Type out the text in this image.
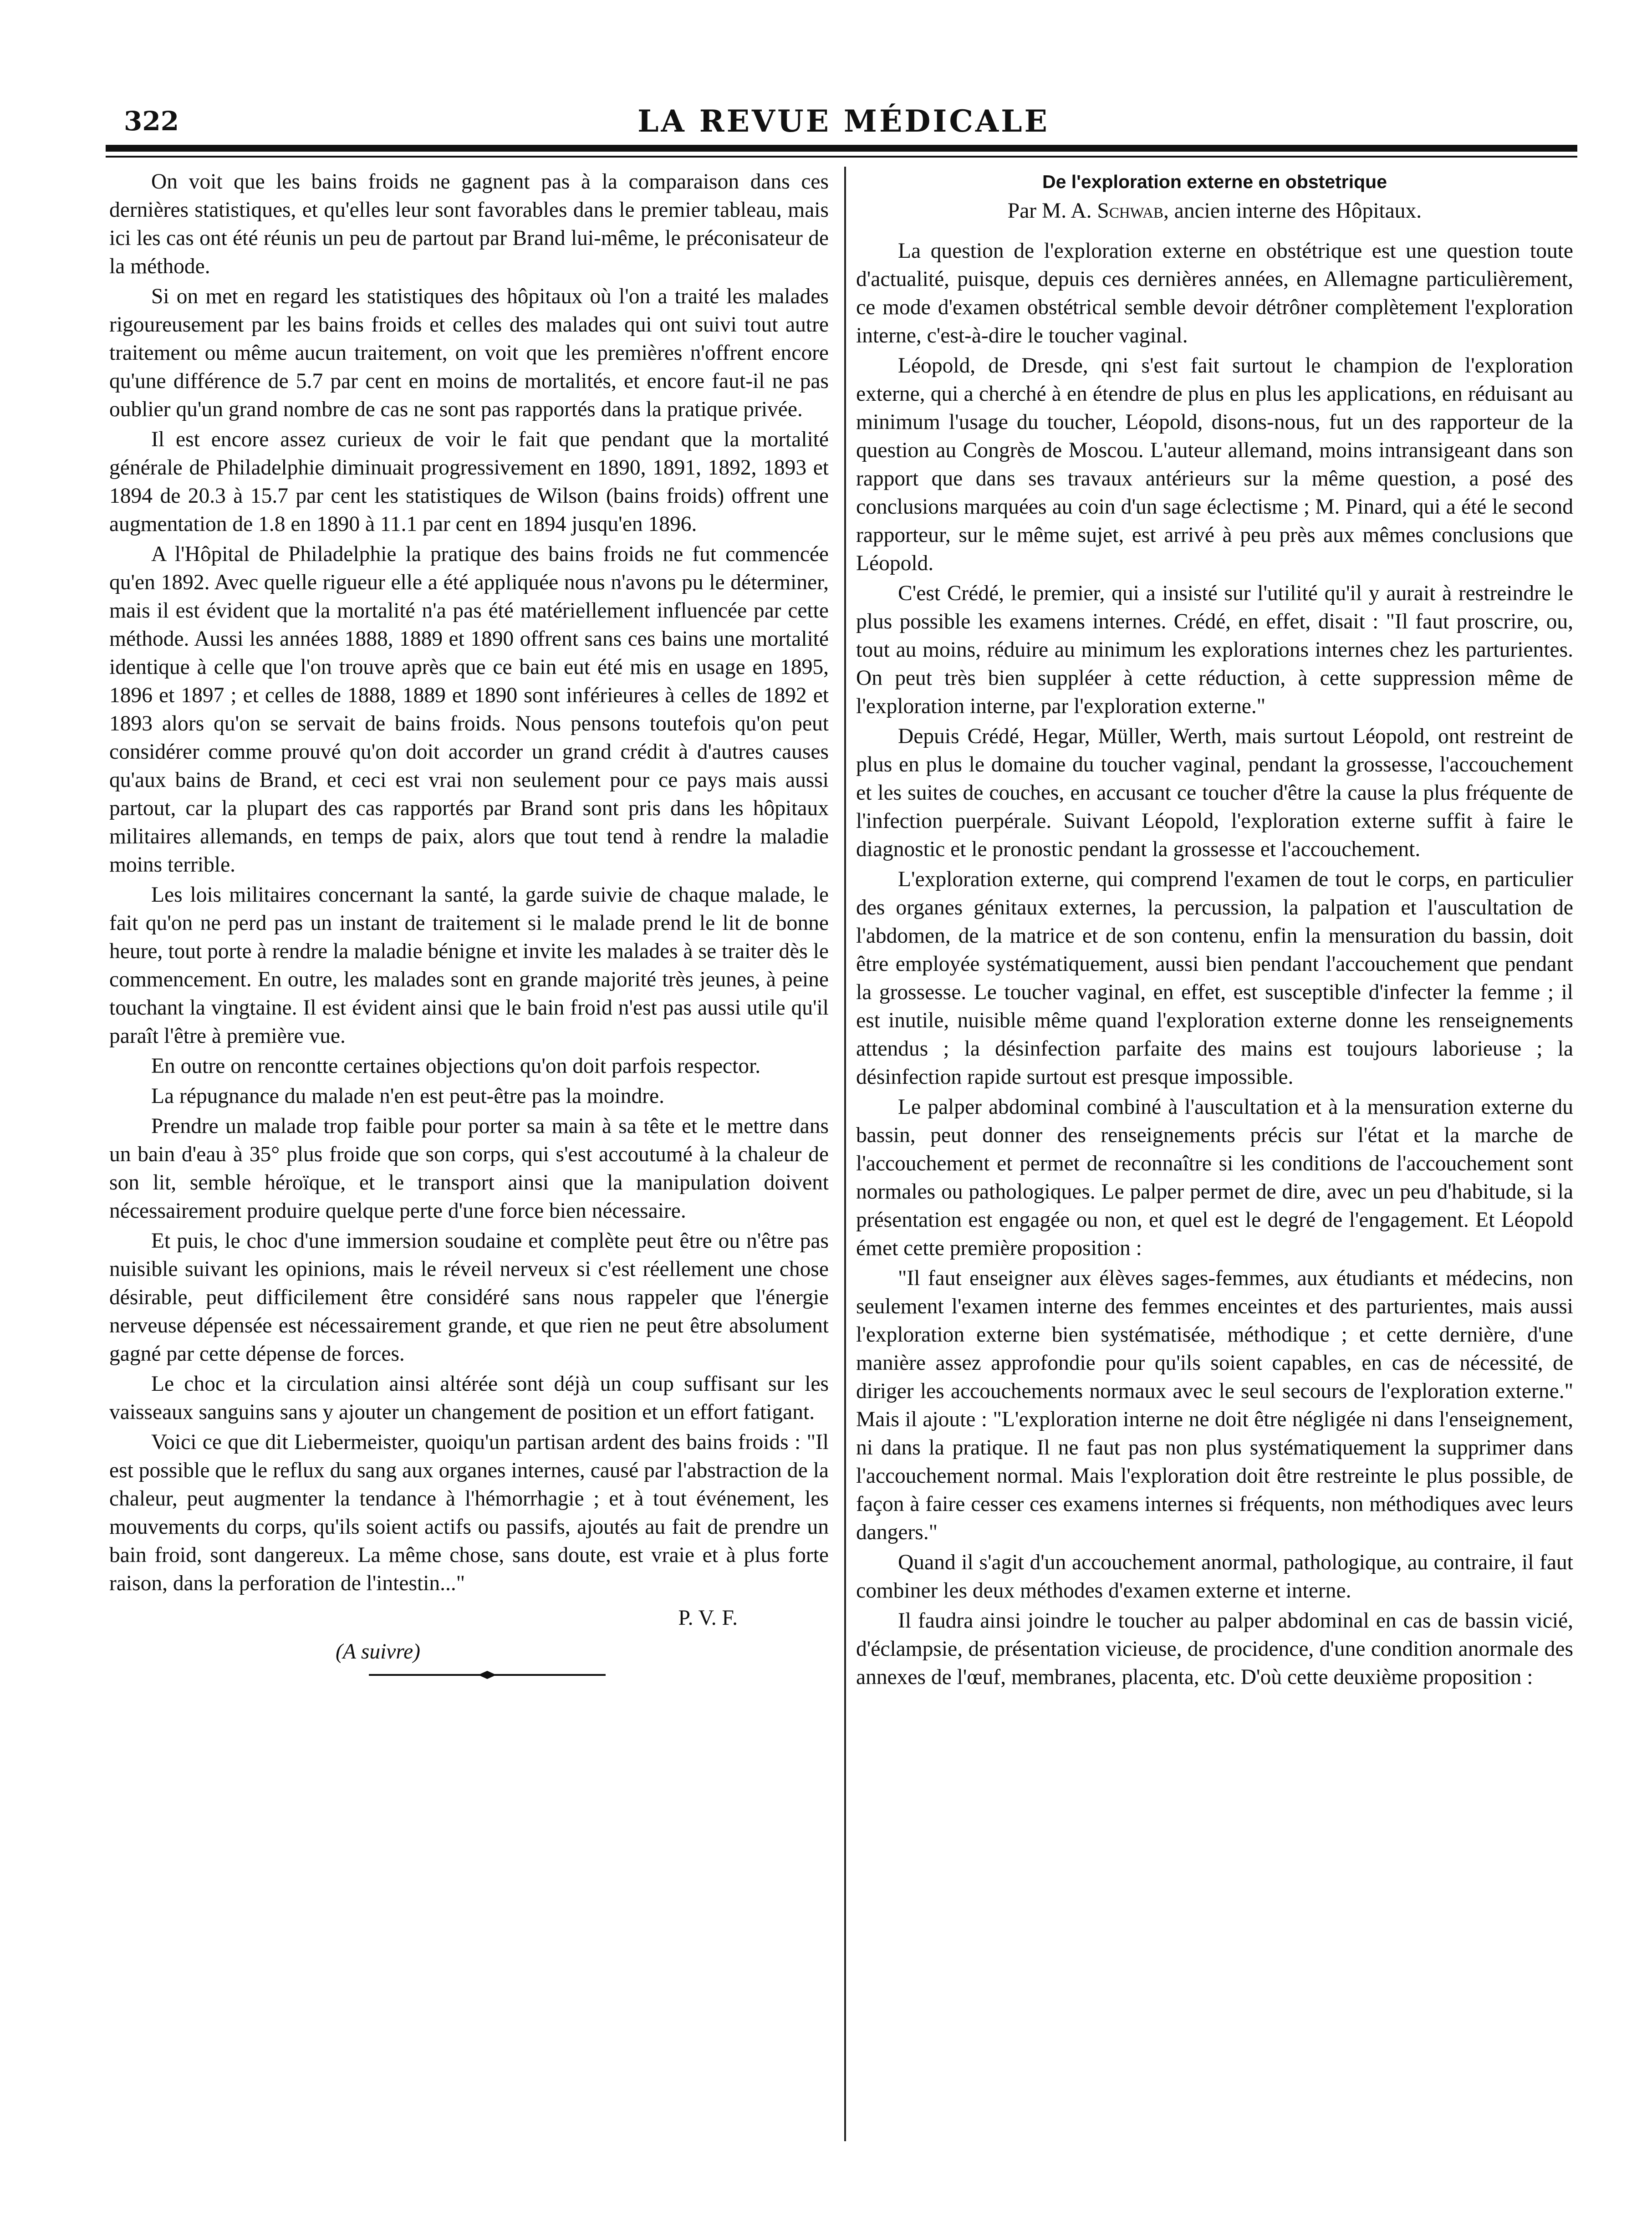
322	LA REVUE MÉDICALE

On voit que les bains froids ne gagnent pas à la comparaison dans ces dernières statistiques, et qu'elles leur sont favorables dans le premier tableau, mais ici les cas ont été réunis un peu de partout par Brand lui-même, le préconisateur de la méthode.

Si on met en regard les statistiques des hôpitaux où l'on a traité les malades rigoureusement par les bains froids et celles des malades qui ont suivi tout autre traitement ou même aucun traitement, on voit que les premières n'offrent encore qu'une différence de 5.7 par cent en moins de mortalités, et encore faut-il ne pas oublier qu'un grand nombre de cas ne sont pas rapportés dans la pratique privée.

Il est encore assez curieux de voir le fait que pendant que la mortalité générale de Philadelphie diminuait progressivement en 1890, 1891, 1892, 1893 et 1894 de 20.3 à 15.7 par cent les statistiques de Wilson (bains froids) offrent une augmentation de 1.8 en 1890 à 11.1 par cent en 1894 jusqu'en 1896.

A l'Hôpital de Philadelphie la pratique des bains froids ne fut commencée qu'en 1892. Avec quelle rigueur elle a été appliquée nous n'avons pu le déterminer, mais il est évident que la mortalité n'a pas été matériellement influencée par cette méthode. Aussi les années 1888, 1889 et 1890 offrent sans ces bains une mortalité identique à celle que l'on trouve après que ce bain eut été mis en usage en 1895, 1896 et 1897 ; et celles de 1888, 1889 et 1890 sont inférieures à celles de 1892 et 1893 alors qu'on se servait de bains froids. Nous pensons toutefois qu'on peut considérer comme prouvé qu'on doit accorder un grand crédit à d'autres causes qu'aux bains de Brand, et ceci est vrai non seulement pour ce pays mais aussi partout, car la plupart des cas rapportés par Brand sont pris dans les hôpitaux militaires allemands, en temps de paix, alors que tout tend à rendre la maladie moins terrible.

Les lois militaires concernant la santé, la garde suivie de chaque malade, le fait qu'on ne perd pas un instant de traitement si le malade prend le lit de bonne heure, tout porte à rendre la maladie bénigne et invite les malades à se traiter dès le commencement. En outre, les malades sont en grande majorité très jeunes, à peine touchant la vingtaine. Il est évident ainsi que le bain froid n'est pas aussi utile qu'il paraît l'être à première vue.

En outre on rencontte certaines objections qu'on doit parfois respector.

La répugnance du malade n'en est peut-être pas la moindre.

Prendre un malade trop faible pour porter sa main à sa tête et le mettre dans un bain d'eau à 35° plus froide que son corps, qui s'est accoutumé à la chaleur de son lit, semble héroïque, et le transport ainsi que la manipulation doivent nécessairement produire quelque perte d'une force bien nécessaire.

Et puis, le choc d'une immersion soudaine et complète peut être ou n'être pas nuisible suivant les opinions, mais le réveil nerveux si c'est réellement une chose désirable, peut difficilement être considéré sans nous rappeler que l'énergie nerveuse dépensée est nécessairement grande, et que rien ne peut être absolument gagné par cette dépense de forces.

Le choc et la circulation ainsi altérée sont déjà un coup suffisant sur les vaisseaux sanguins sans y ajouter un changement de position et un effort fatigant.

Voici ce que dit Liebermeister, quoiqu'un partisan ardent des bains froids : "Il est possible que le reflux du sang aux organes internes, causé par l'abstraction de la chaleur, peut augmenter la tendance à l'hémorrhagie ; et à tout événement, les mouvements du corps, qu'ils soient actifs ou passifs, ajoutés au fait de prendre un bain froid, sont dangereux. La même chose, sans doute, est vraie et à plus forte raison, dans la perforation de l'intestin..."

P. V. F.
(A suivre)
De l'exploration externe en obstetrique
Par M. A. Schwab, ancien interne des Hôpitaux.

La question de l'exploration externe en obstétrique est une question toute d'actualité, puisque, depuis ces dernières années, en Allemagne particulièrement, ce mode d'examen obstétrical semble devoir détrôner complètement l'exploration interne, c'est-à-dire le toucher vaginal.

Léopold, de Dresde, qni s'est fait surtout le champion de l'exploration externe, qui a cherché à en étendre de plus en plus les applications, en réduisant au minimum l'usage du toucher, Léopold, disons-nous, fut un des rapporteur de la question au Congrès de Moscou. L'auteur allemand, moins intransigeant dans son rapport que dans ses travaux antérieurs sur la même question, a posé des conclusions marquées au coin d'un sage éclectisme ; M. Pinard, qui a été le second rapporteur, sur le même sujet, est arrivé à peu près aux mêmes conclusions que Léopold.

C'est Crédé, le premier, qui a insisté sur l'utilité qu'il y aurait à restreindre le plus possible les examens internes. Crédé, en effet, disait : "Il faut proscrire, ou, tout au moins, réduire au minimum les explorations internes chez les parturientes. On peut très bien suppléer à cette réduction, à cette suppression même de l'exploration interne, par l'exploration externe."

Depuis Crédé, Hegar, Müller, Werth, mais surtout Léopold, ont restreint de plus en plus le domaine du toucher vaginal, pendant la grossesse, l'accouchement et les suites de couches, en accusant ce toucher d'être la cause la plus fréquente de l'infection puerpérale. Suivant Léopold, l'exploration externe suffit à faire le diagnostic et le pronostic pendant la grossesse et l'accouchement.

L'exploration externe, qui comprend l'examen de tout le corps, en particulier des organes génitaux externes, la percussion, la palpation et l'auscultation de l'abdomen, de la matrice et de son contenu, enfin la mensuration du bassin, doit être employée systématiquement, aussi bien pendant l'accouchement que pendant la grossesse. Le toucher vaginal, en effet, est susceptible d'infecter la femme ; il est inutile, nuisible même quand l'exploration externe donne les renseignements attendus ; la désinfection parfaite des mains est toujours laborieuse ; la désinfection rapide surtout est presque impossible.

Le palper abdominal combiné à l'auscultation et à la mensuration externe du bassin, peut donner des renseignements précis sur l'état et la marche de l'accouchement et permet de reconnaître si les conditions de l'accouchement sont normales ou pathologiques. Le palper permet de dire, avec un peu d'habitude, si la présentation est engagée ou non, et quel est le degré de l'engagement. Et Léopold émet cette première proposition :

"Il faut enseigner aux élèves sages-femmes, aux étudiants et médecins, non seulement l'examen interne des femmes enceintes et des parturientes, mais aussi l'exploration externe bien systématisée, méthodique ; et cette dernière, d'une manière assez approfondie pour qu'ils soient capables, en cas de nécessité, de diriger les accouchements normaux avec le seul secours de l'exploration externe." Mais il ajoute : "L'exploration interne ne doit être négligée ni dans l'enseignement, ni dans la pratique. Il ne faut pas non plus systématiquement la supprimer dans l'accouchement normal. Mais l'exploration doit être restreinte le plus possible, de façon à faire cesser ces examens internes si fréquents, non méthodiques avec leurs dangers."

Quand il s'agit d'un accouchement anormal, pathologique, au contraire, il faut combiner les deux méthodes d'examen externe et interne.

Il faudra ainsi joindre le toucher au palper abdominal en cas de bassin vicié, d'éclampsie, de présentation vicieuse, de procidence, d'une condition anormale des annexes de l'œuf, membranes, placenta, etc. D'où cette deuxième proposition :
